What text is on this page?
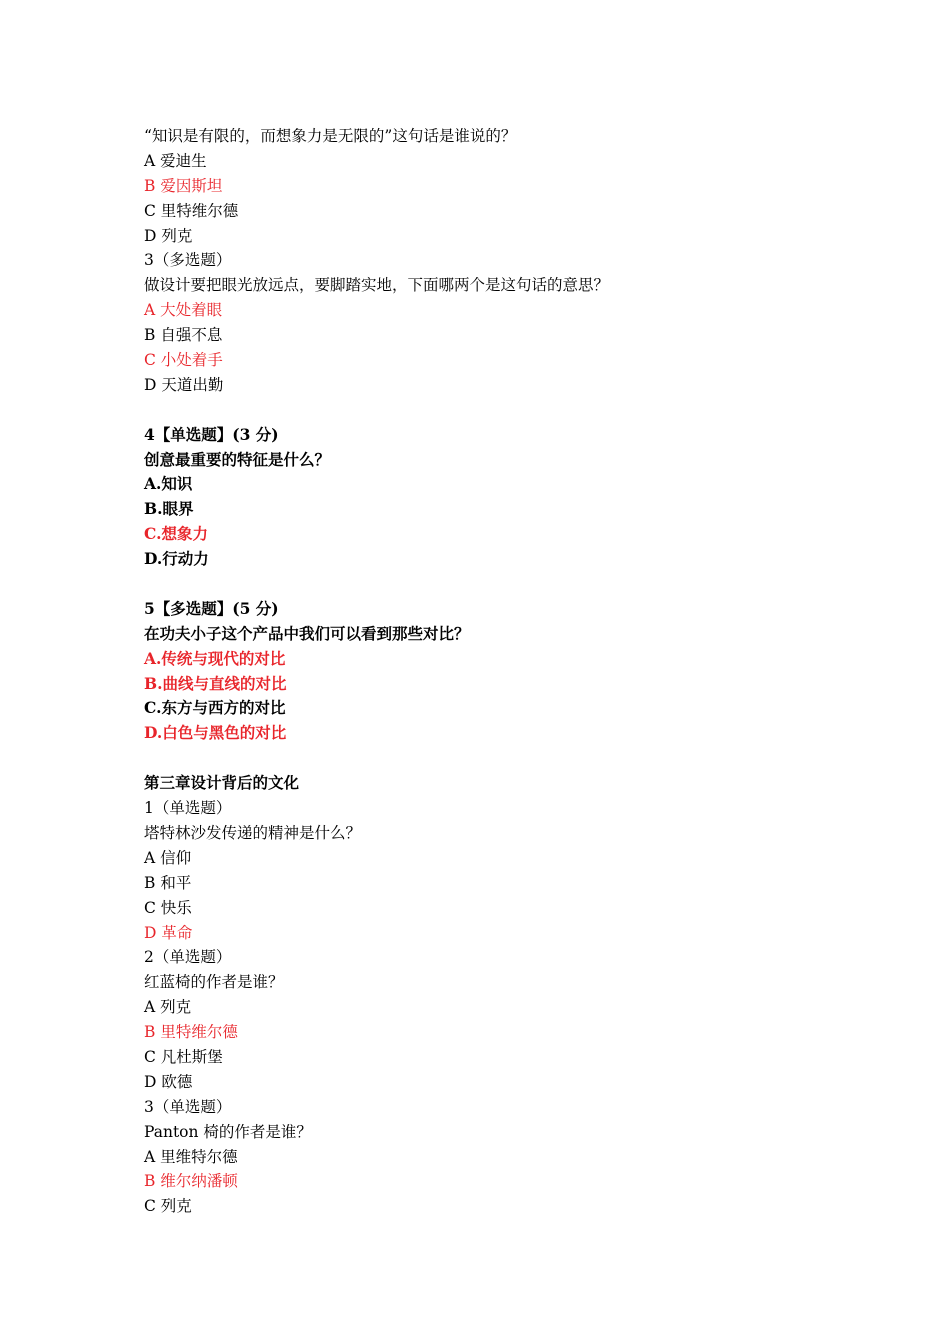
“知识是有限的，而想象力是无限的”这句话是谁说的？
A 爱迪生
B 爱因斯坦
C 里特维尔德
D 列克
3（多选题）
做设计要把眼光放远点，要脚踏实地，下面哪两个是这句话的意思？
A 大处着眼
B 自强不息
C 小处着手
D 天道出勤
4【单选题】(3 分)
创意最重要的特征是什么？
A.知识
B.眼界
C.想象力
D.行动力
5【多选题】(5 分)
在功夫小子这个产品中我们可以看到那些对比？
A.传统与现代的对比
B.曲线与直线的对比
C.东方与西方的对比
D.白色与黑色的对比
第三章设计背后的文化
1（单选题）
塔特林沙发传递的精神是什么？
A 信仰
B 和平
C 快乐
D 革命
2（单选题）
红蓝椅的作者是谁？
A 列克
B 里特维尔德
C 凡杜斯堡
D 欧德
3（单选题）
Panton 椅的作者是谁？
A 里维特尔德
B 维尔纳潘顿
C 列克
